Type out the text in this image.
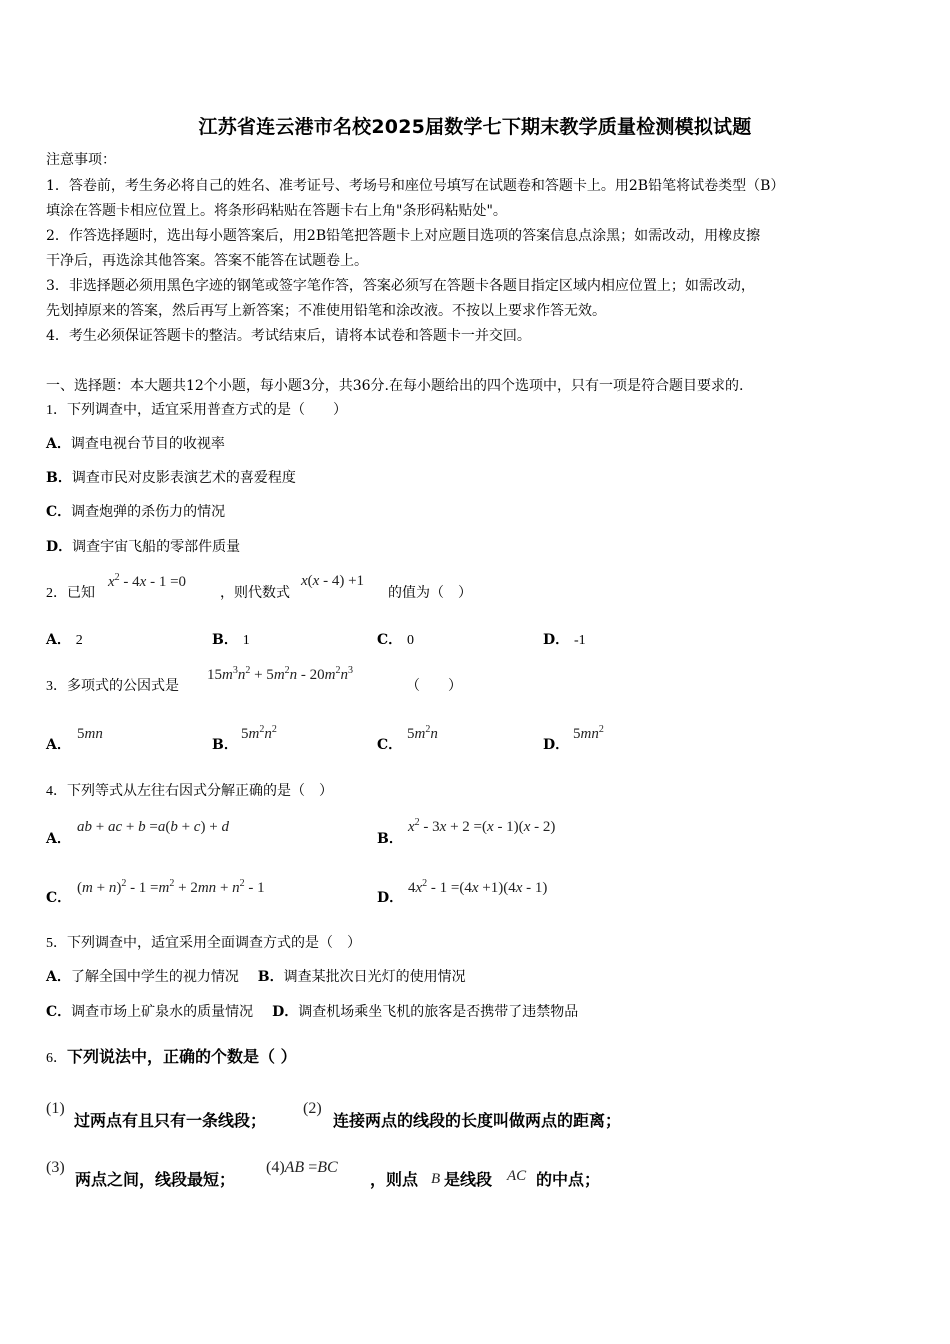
江苏省连云港市名校2025届数学七下期末教学质量检测模拟试题
注意事项：
1．答卷前，考生务必将自己的姓名、准考证号、考场号和座位号填写在试题卷和答题卡上。用2B铅笔将试卷类型（B）
填涂在答题卡相应位置上。将条形码粘贴在答题卡右上角"条形码粘贴处"。
2．作答选择题时，选出每小题答案后，用2B铅笔把答题卡上对应题目选项的答案信息点涂黑；如需改动，用橡皮擦
干净后，再选涂其他答案。答案不能答在试题卷上。
3．非选择题必须用黑色字迹的钢笔或签字笔作答，答案必须写在答题卡各题目指定区域内相应位置上；如需改动，
先划掉原来的答案，然后再写上新答案；不准使用铅笔和涂改液。不按以上要求作答无效。
4．考生必须保证答题卡的整洁。考试结束后，请将本试卷和答题卡一并交回。
一、选择题：本大题共12个小题，每小题3分，共36分.在每小题给出的四个选项中，只有一项是符合题目要求的.
1．下列调查中，适宜采用普查方式的是（　　）
A．调查电视台节目的收视率
B．调查市民对皮影表演艺术的喜爱程度
C．调查炮弹的杀伤力的情况
D．调查宇宙飞船的零部件质量
2．已知
$x^2 - 4x - 1 =0$
，则代数式
x(x - 4) +1
的值为（　）
A． 2	B． 1	C． 0	D． -1
3．多项式的公因式是
$15m^3n^2 + 5m^2n - 20m^2n^3$
（　　）
A．
5mn
B．
$5m^2n^2$
C．
$5m^2n$
D．
$5mn^2$
4．下列等式从左往右因式分解正确的是（　）
A．
ab + ac + b =a(b + c) + d
B．
$x^2 - 3x + 2 =(x - 1)(x - 2)$
C．
$(m + n)^2 - 1 =m^2 + 2mn + n^2 - 1$
D．
$4x^2 - 1 =(4x +1)(4x - 1)$
5．下列调查中，适宜采用全面调查方式的是（　）
A．了解全国中学生的视力情况 B．调查某批次日光灯的使用情况
C．调查市场上矿泉水的质量情况 D．调查机场乘坐飞机的旅客是否携带了违禁物品
6．下列说法中，正确的个数是（ ）
(1)
过两点有且只有一条线段；
(2)
连接两点的线段的长度叫做两点的距离；
(3)
两点之间，线段最短；
(4)AB =BC
，则点 B 是线段 AC 的中点；
